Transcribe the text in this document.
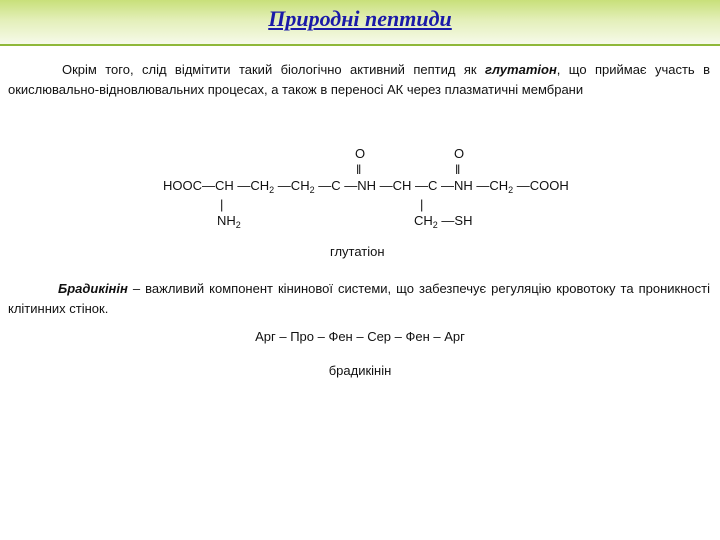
Природні пептиди
Окрім того, слід відмітити такий біологічно активний пептид як глутатіон, що приймає участь в окислювально-відновлювальних процесах, а також в переносі АК через плазматичні мембрани
O	O
‖	‖
HOOC—CH $—CH_2$ $—CH_2$ —C —NH —CH —C —NH $—CH_2$ —COOH
|	|
$NH_2$	$CH_2$ —SH
глутатіон
Брадикінін – важливий компонент кінинової системи, що забезпечує регуляцію кровотоку та проникності клітинних стінок.
Арг – Про – Фен – Сер – Фен – Арг
брадикінін
